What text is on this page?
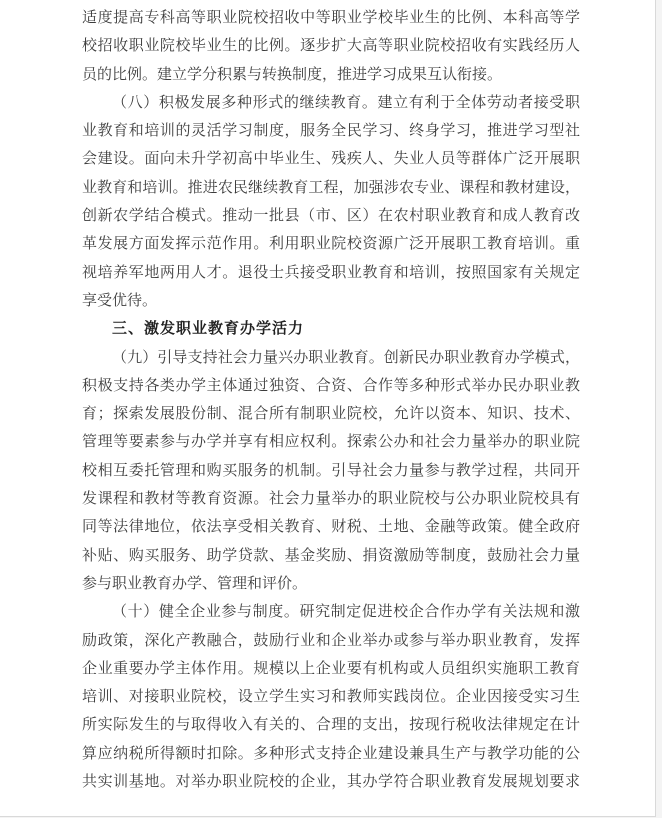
适度提高专科高等职业院校招收中等职业学校毕业生的比例、本科高等学
校招收职业院校毕业生的比例。逐步扩大高等职业院校招收有实践经历人
员的比例。建立学分积累与转换制度，推进学习成果互认衔接。
（八）积极发展多种形式的继续教育。建立有利于全体劳动者接受职
业教育和培训的灵活学习制度，服务全民学习、终身学习，推进学习型社
会建设。面向未升学初高中毕业生、残疾人、失业人员等群体广泛开展职
业教育和培训。推进农民继续教育工程，加强涉农专业、课程和教材建设，
创新农学结合模式。推动一批县（市、区）在农村职业教育和成人教育改
革发展方面发挥示范作用。利用职业院校资源广泛开展职工教育培训。重
视培养军地两用人才。退役士兵接受职业教育和培训，按照国家有关规定
享受优待。
三、激发职业教育办学活力
（九）引导支持社会力量兴办职业教育。创新民办职业教育办学模式，
积极支持各类办学主体通过独资、合资、合作等多种形式举办民办职业教
育；探索发展股份制、混合所有制职业院校，允许以资本、知识、技术、
管理等要素参与办学并享有相应权利。探索公办和社会力量举办的职业院
校相互委托管理和购买服务的机制。引导社会力量参与教学过程，共同开
发课程和教材等教育资源。社会力量举办的职业院校与公办职业院校具有
同等法律地位，依法享受相关教育、财税、土地、金融等政策。健全政府
补贴、购买服务、助学贷款、基金奖励、捐资激励等制度，鼓励社会力量
参与职业教育办学、管理和评价。
（十）健全企业参与制度。研究制定促进校企合作办学有关法规和激
励政策，深化产教融合，鼓励行业和企业举办或参与举办职业教育，发挥
企业重要办学主体作用。规模以上企业要有机构或人员组织实施职工教育
培训、对接职业院校，设立学生实习和教师实践岗位。企业因接受实习生
所实际发生的与取得收入有关的、合理的支出，按现行税收法律规定在计
算应纳税所得额时扣除。多种形式支持企业建设兼具生产与教学功能的公
共实训基地。对举办职业院校的企业，其办学符合职业教育发展规划要求
